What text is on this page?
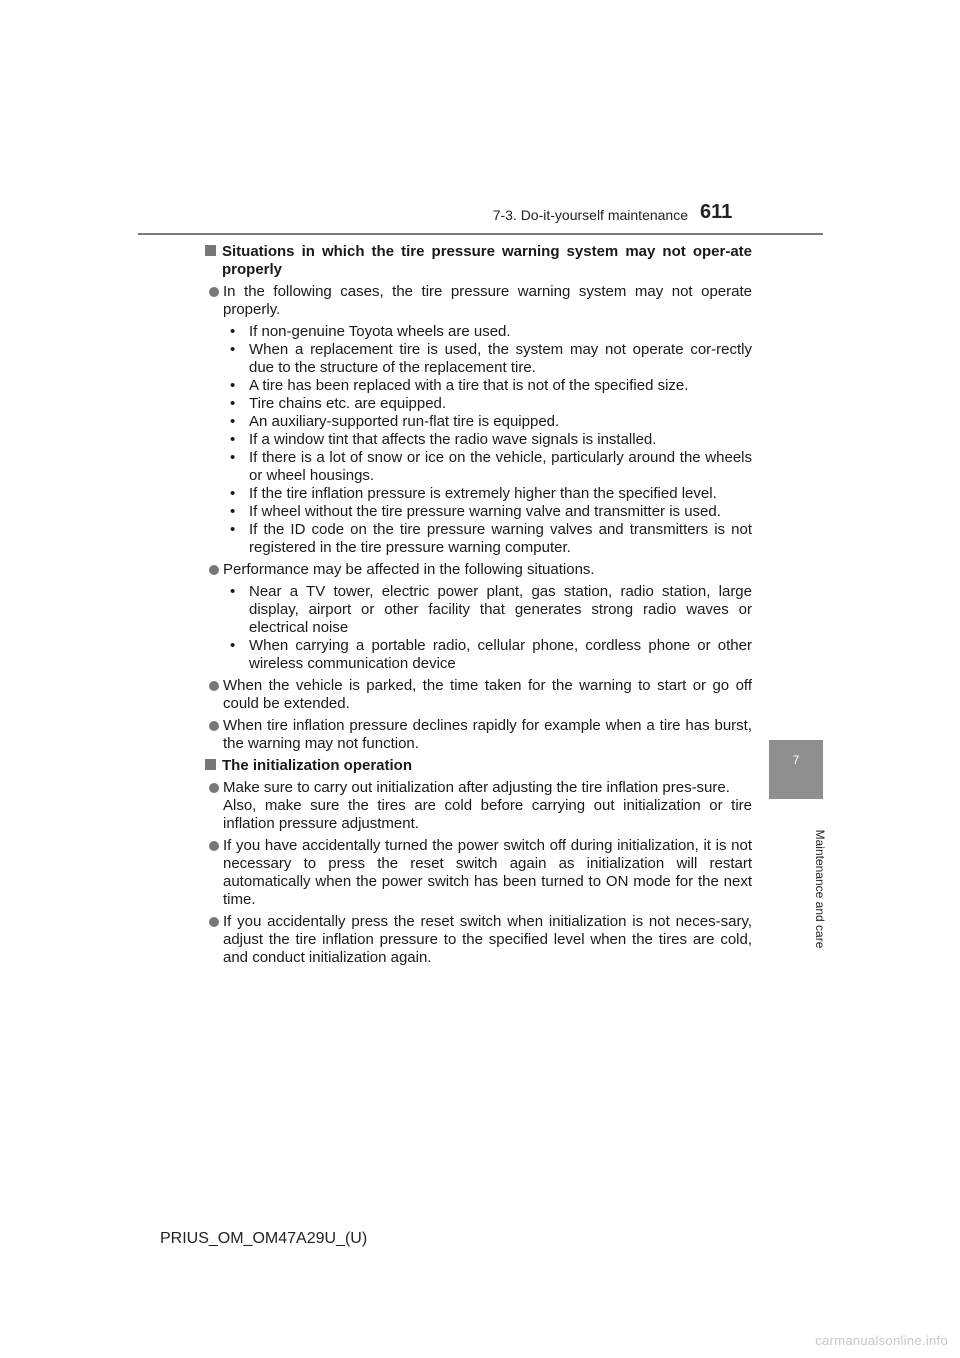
7-3. Do-it-yourself maintenance 611
7
Maintenance and care
Situations in which the tire pressure warning system may not oper-ate properly

In the following cases, the tire pressure warning system may not operate properly.

• If non-genuine Toyota wheels are used.
• When a replacement tire is used, the system may not operate cor-rectly due to the structure of the replacement tire.
• A tire has been replaced with a tire that is not of the specified size.
• Tire chains etc. are equipped.
• An auxiliary-supported run-flat tire is equipped.
• If a window tint that affects the radio wave signals is installed.
• If there is a lot of snow or ice on the vehicle, particularly around the wheels or wheel housings.
• If the tire inflation pressure is extremely higher than the specified level.
• If wheel without the tire pressure warning valve and transmitter is used.
• If the ID code on the tire pressure warning valves and transmitters is not registered in the tire pressure warning computer.

Performance may be affected in the following situations.

• Near a TV tower, electric power plant, gas station, radio station, large display, airport or other facility that generates strong radio waves or electrical noise
• When carrying a portable radio, cellular phone, cordless phone or other wireless communication device

When the vehicle is parked, the time taken for the warning to start or go off could be extended.

When tire inflation pressure declines rapidly for example when a tire has burst, the warning may not function.

The initialization operation

Make sure to carry out initialization after adjusting the tire inflation pres-sure.

Also, make sure the tires are cold before carrying out initialization or tire inflation pressure adjustment.

If you have accidentally turned the power switch off during initialization, it is not necessary to press the reset switch again as initialization will restart automatically when the power switch has been turned to ON mode for the next time.

If you accidentally press the reset switch when initialization is not neces-sary, adjust the tire inflation pressure to the specified level when the tires are cold, and conduct initialization again.

PRIUS_OM_OM47A29U_(U)
carmanualsonline.info
